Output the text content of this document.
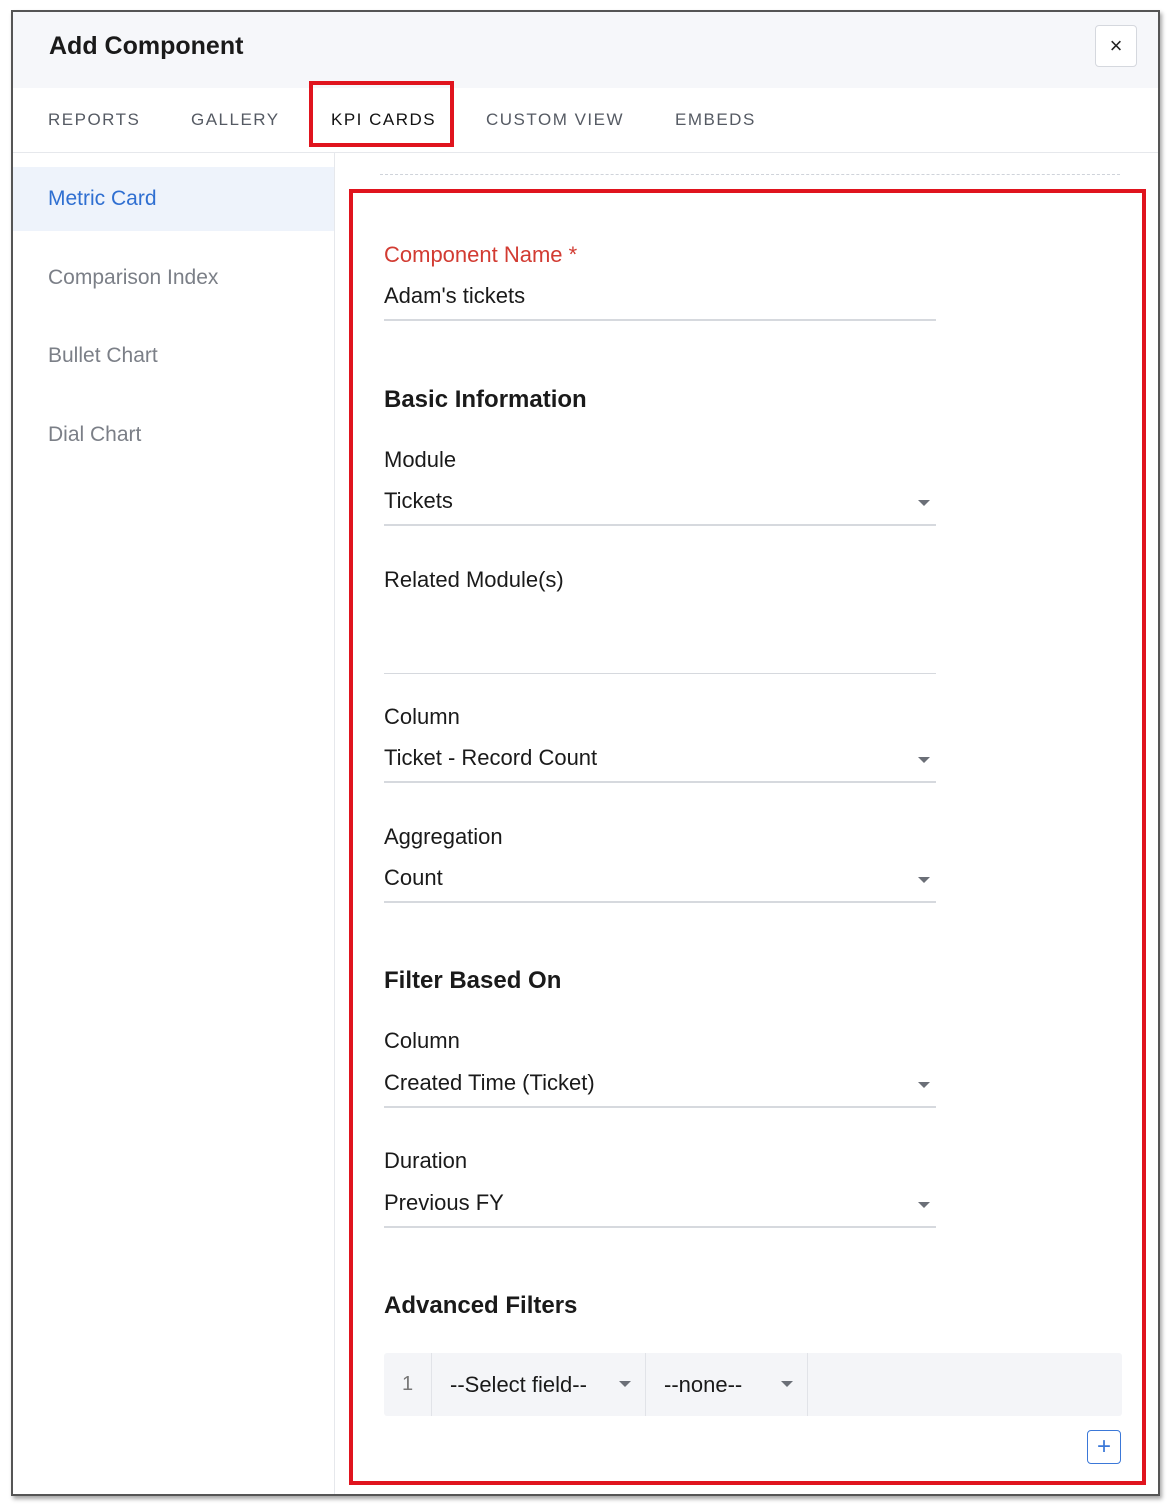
Add Component	×
REPORTS	GALLERY	KPI CARDS	CUSTOM VIEW	EMBEDS
Metric Card
Comparison Index
Bullet Chart
Dial Chart
Component Name *
Adam's tickets
Basic Information
Module
Tickets
Related Module(s)
Column
Ticket - Record Count
Aggregation
Count
Filter Based On
Column
Created Time (Ticket)
Duration
Previous FY
Advanced Filters
1	--Select field--	--none--
+
